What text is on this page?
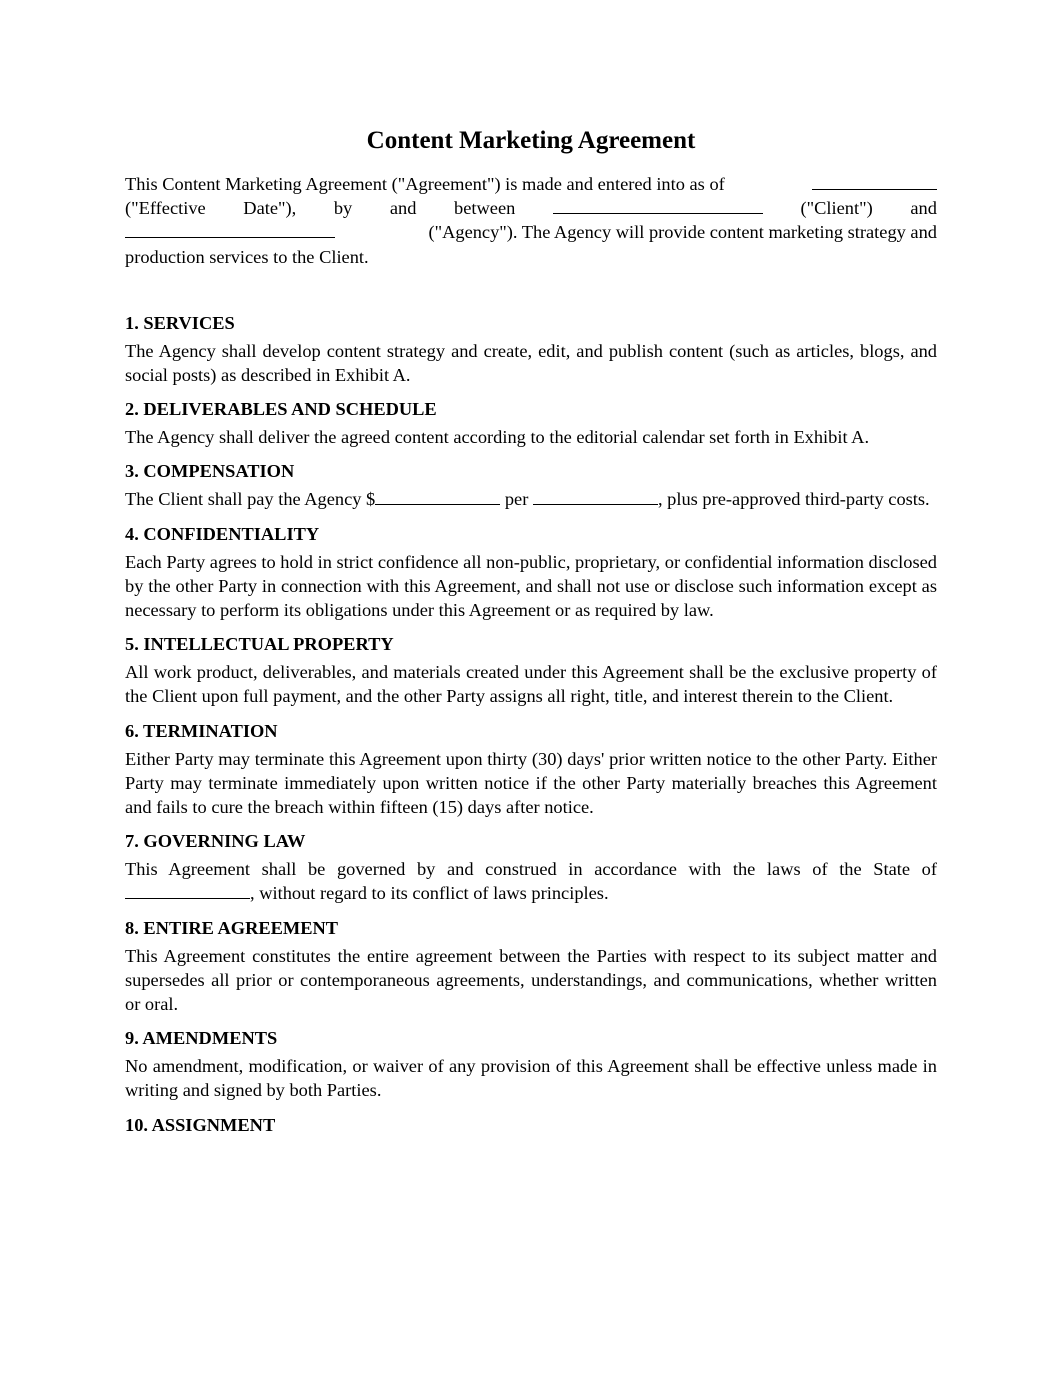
Content Marketing Agreement
This Content Marketing Agreement ("Agreement") is made and entered into as of
("Effective Date"), by and between	("Client") and
("Agency"). The Agency will provide content marketing strategy and
production services to the Client.
1. SERVICES

The Agency shall develop content strategy and create, edit, and publish content (such as articles, blogs, and social posts) as described in Exhibit A.

2. DELIVERABLES AND SCHEDULE

The Agency shall deliver the agreed content according to the editorial calendar set forth in Exhibit A.

3. COMPENSATION

The Client shall pay the Agency $	per	, plus pre-approved third-party costs.

4. CONFIDENTIALITY

Each Party agrees to hold in strict confidence all non-public, proprietary, or confidential information disclosed by the other Party in connection with this Agreement, and shall not use or disclose such information except as necessary to perform its obligations under this Agreement or as required by law.

5. INTELLECTUAL PROPERTY

All work product, deliverables, and materials created under this Agreement shall be the exclusive property of the Client upon full payment, and the other Party assigns all right, title, and interest therein to the Client.

6. TERMINATION

Either Party may terminate this Agreement upon thirty (30) days' prior written notice to the other Party. Either Party may terminate immediately upon written notice if the other Party materially breaches this Agreement and fails to cure the breach within fifteen (15) days after notice.

7. GOVERNING LAW

This Agreement shall be governed by and construed in accordance with the laws of the State of , without regard to its conflict of laws principles.

8. ENTIRE AGREEMENT

This Agreement constitutes the entire agreement between the Parties with respect to its subject matter and supersedes all prior or contemporaneous agreements, understandings, and communications, whether written or oral.

9. AMENDMENTS

No amendment, modification, or waiver of any provision of this Agreement shall be effective unless made in writing and signed by both Parties.

10. ASSIGNMENT
